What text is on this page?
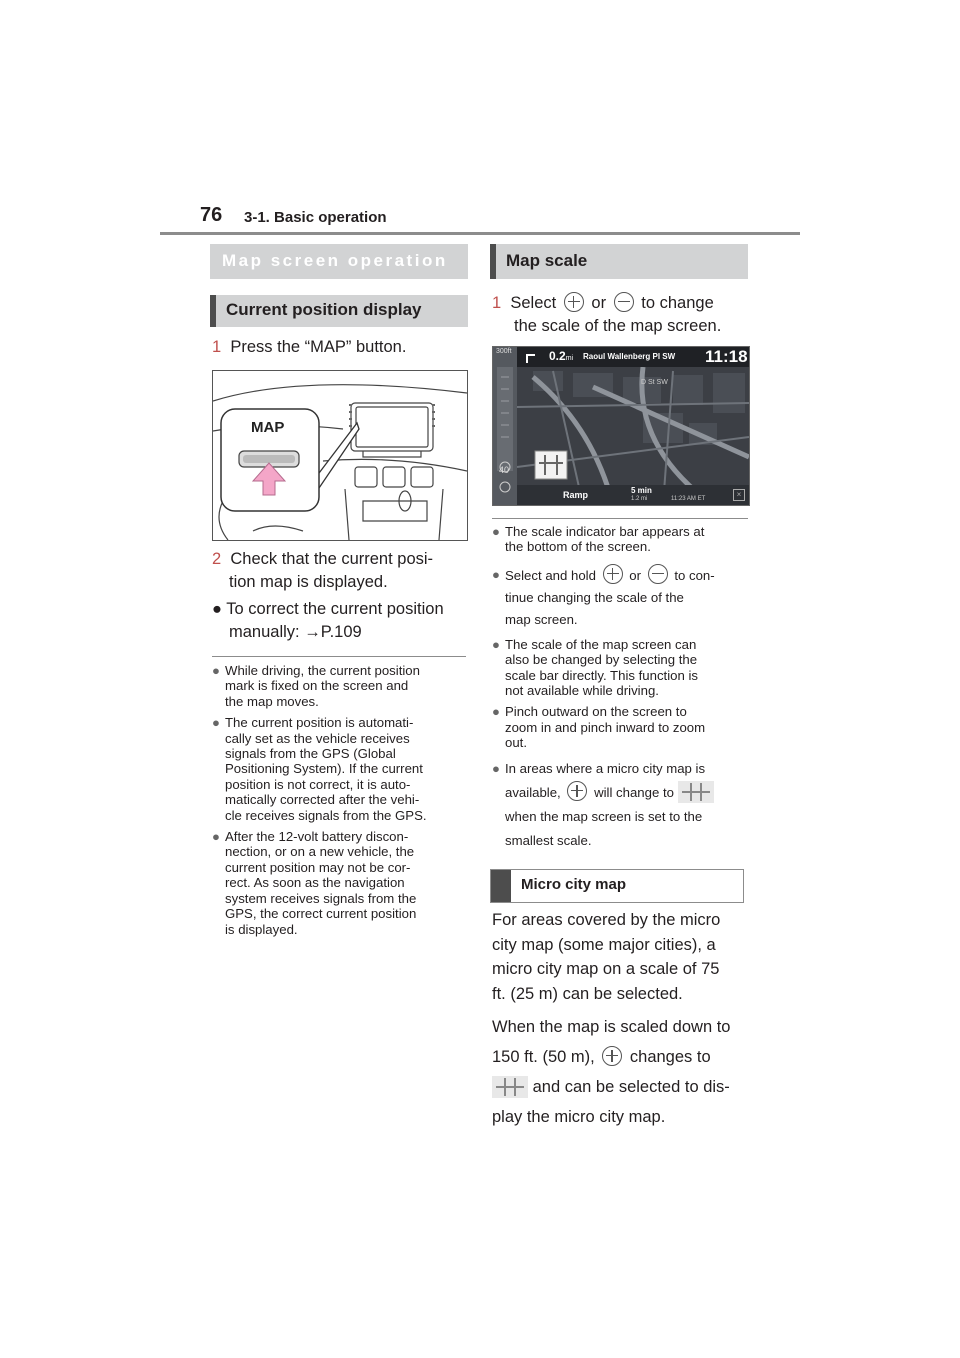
76 3-1. Basic operation
Map screen operation
Current position display
1 Press the “MAP” button.
MAP
2 Check that the current posi-
tion map is displayed.
● To correct the current position
manually: →P.109
● While driving, the current position
mark is fixed on the screen and
the map moves.
● The current position is automati-
cally set as the vehicle receives
signals from the GPS (Global
Positioning System). If the current
position is not correct, it is auto-
matically corrected after the vehi-
cle receives signals from the GPS.
● After the 12-volt battery discon-
nection, or on a new vehicle, the
current position may not be cor-
rect. As soon as the navigation
system receives signals from the
GPS, the correct current position
is displayed.
Map scale
1 Select or to change
the scale of the map screen.
300ft	0.2mi Raoul Wallenberg Pl SW 11:18
D St SW
40
Ramp	5 min
1.2 mi	11:23 AM ET	×
● The scale indicator bar appears at
the bottom of the screen.
● Select and hold	or	to con-
tinue changing the scale of the
map screen.
● The scale of the map screen can
also be changed by selecting the
scale bar directly. This function is
not available while driving.
● Pinch outward on the screen to
zoom in and pinch inward to zoom
out.
● In areas where a micro city map is
available,	will change to
when the map screen is set to the
smallest scale.
Micro city map
For areas covered by the micro
city map (some major cities), a
micro city map on a scale of 75
ft. (25 m) can be selected.
When the map is scaled down to
150 ft. (50 m), changes to
and can be selected to dis-
play the micro city map.
